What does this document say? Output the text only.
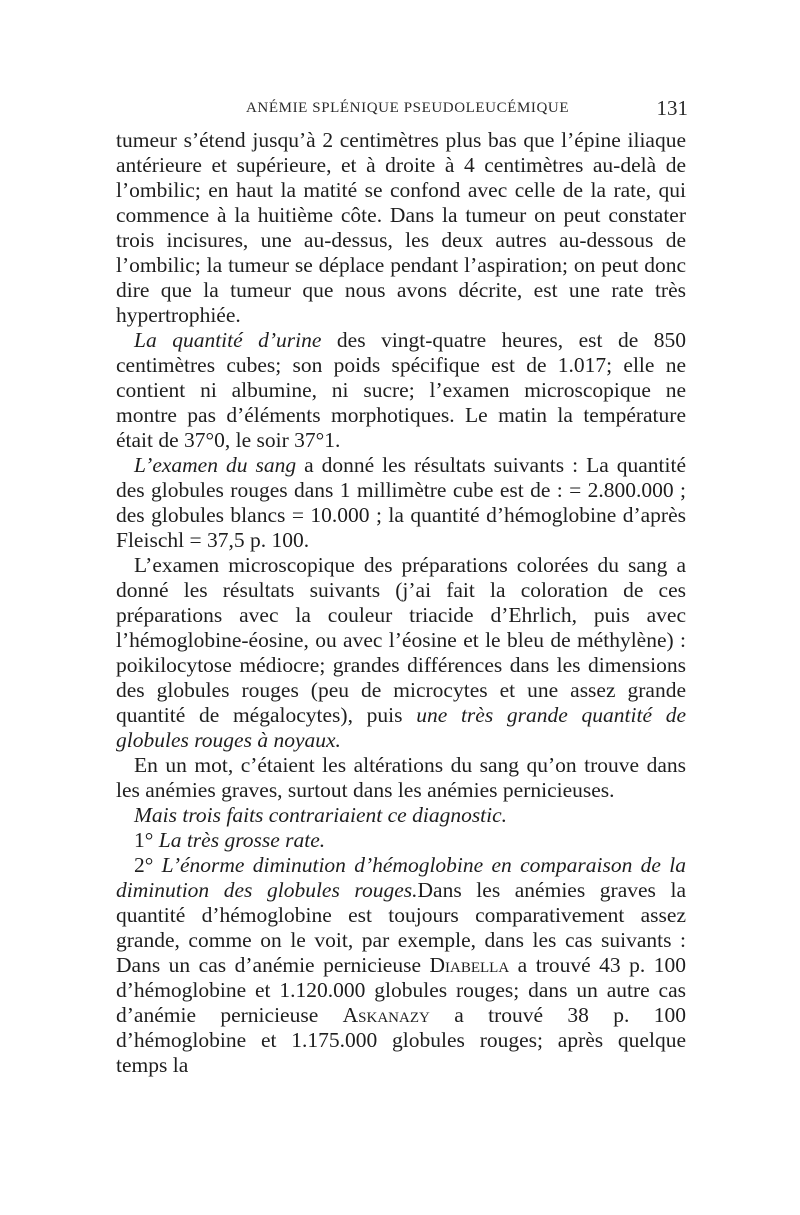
ANÉMIE SPLÉNIQUE PSEUDOLEUCÉMIQUE	131

tumeur s’étend jusqu’à 2 centimètres plus bas que l’épine iliaque antérieure et supérieure, et à droite à 4 centimètres au-delà de l’ombilic; en haut la matité se confond avec celle de la rate, qui commence à la huitième côte. Dans la tumeur on peut constater trois incisures, une au-dessus, les deux autres au-dessous de l’ombilic; la tumeur se déplace pendant l’aspiration; on peut donc dire que la tumeur que nous avons décrite, est une rate très hypertrophiée.

La quantité d’urine des vingt-quatre heures, est de 850 centimètres cubes; son poids spécifique est de 1.017; elle ne contient ni albumine, ni sucre; l’examen microscopique ne montre pas d’éléments morphotiques. Le matin la température était de 37°0, le soir 37°1.

L’examen du sang a donné les résultats suivants : La quantité des globules rouges dans 1 millimètre cube est de : = 2.800.000 ; des globules blancs = 10.000 ; la quantité d’hémoglobine d’après Fleischl = 37,5 p. 100.

L’examen microscopique des préparations colorées du sang a donné les résultats suivants (j’ai fait la coloration de ces préparations avec la couleur triacide d’Ehrlich, puis avec l’hémoglobine-éosine, ou avec l’éosine et le bleu de méthylène) : poikilocytose médiocre; grandes différences dans les dimensions des globules rouges (peu de microcytes et une assez grande quantité de mégalocytes), puis une très grande quantité de globules rouges à noyaux.

En un mot, c’étaient les altérations du sang qu’on trouve dans les anémies graves, surtout dans les anémies pernicieuses.

Mais trois faits contrariaient ce diagnostic.

1° La très grosse rate.

2° L’énorme diminution d’hémoglobine en comparaison de la diminution des globules rouges.Dans les anémies graves la quantité d’hémoglobine est toujours comparativement assez grande, comme on le voit, par exemple, dans les cas suivants : Dans un cas d’anémie pernicieuse Diabella a trouvé 43 p. 100 d’hémoglobine et 1.120.000 globules rouges; dans un autre cas d’anémie pernicieuse Askanazy a trouvé 38 p. 100 d’hémoglobine et 1.175.000 globules rouges; après quelque temps la
